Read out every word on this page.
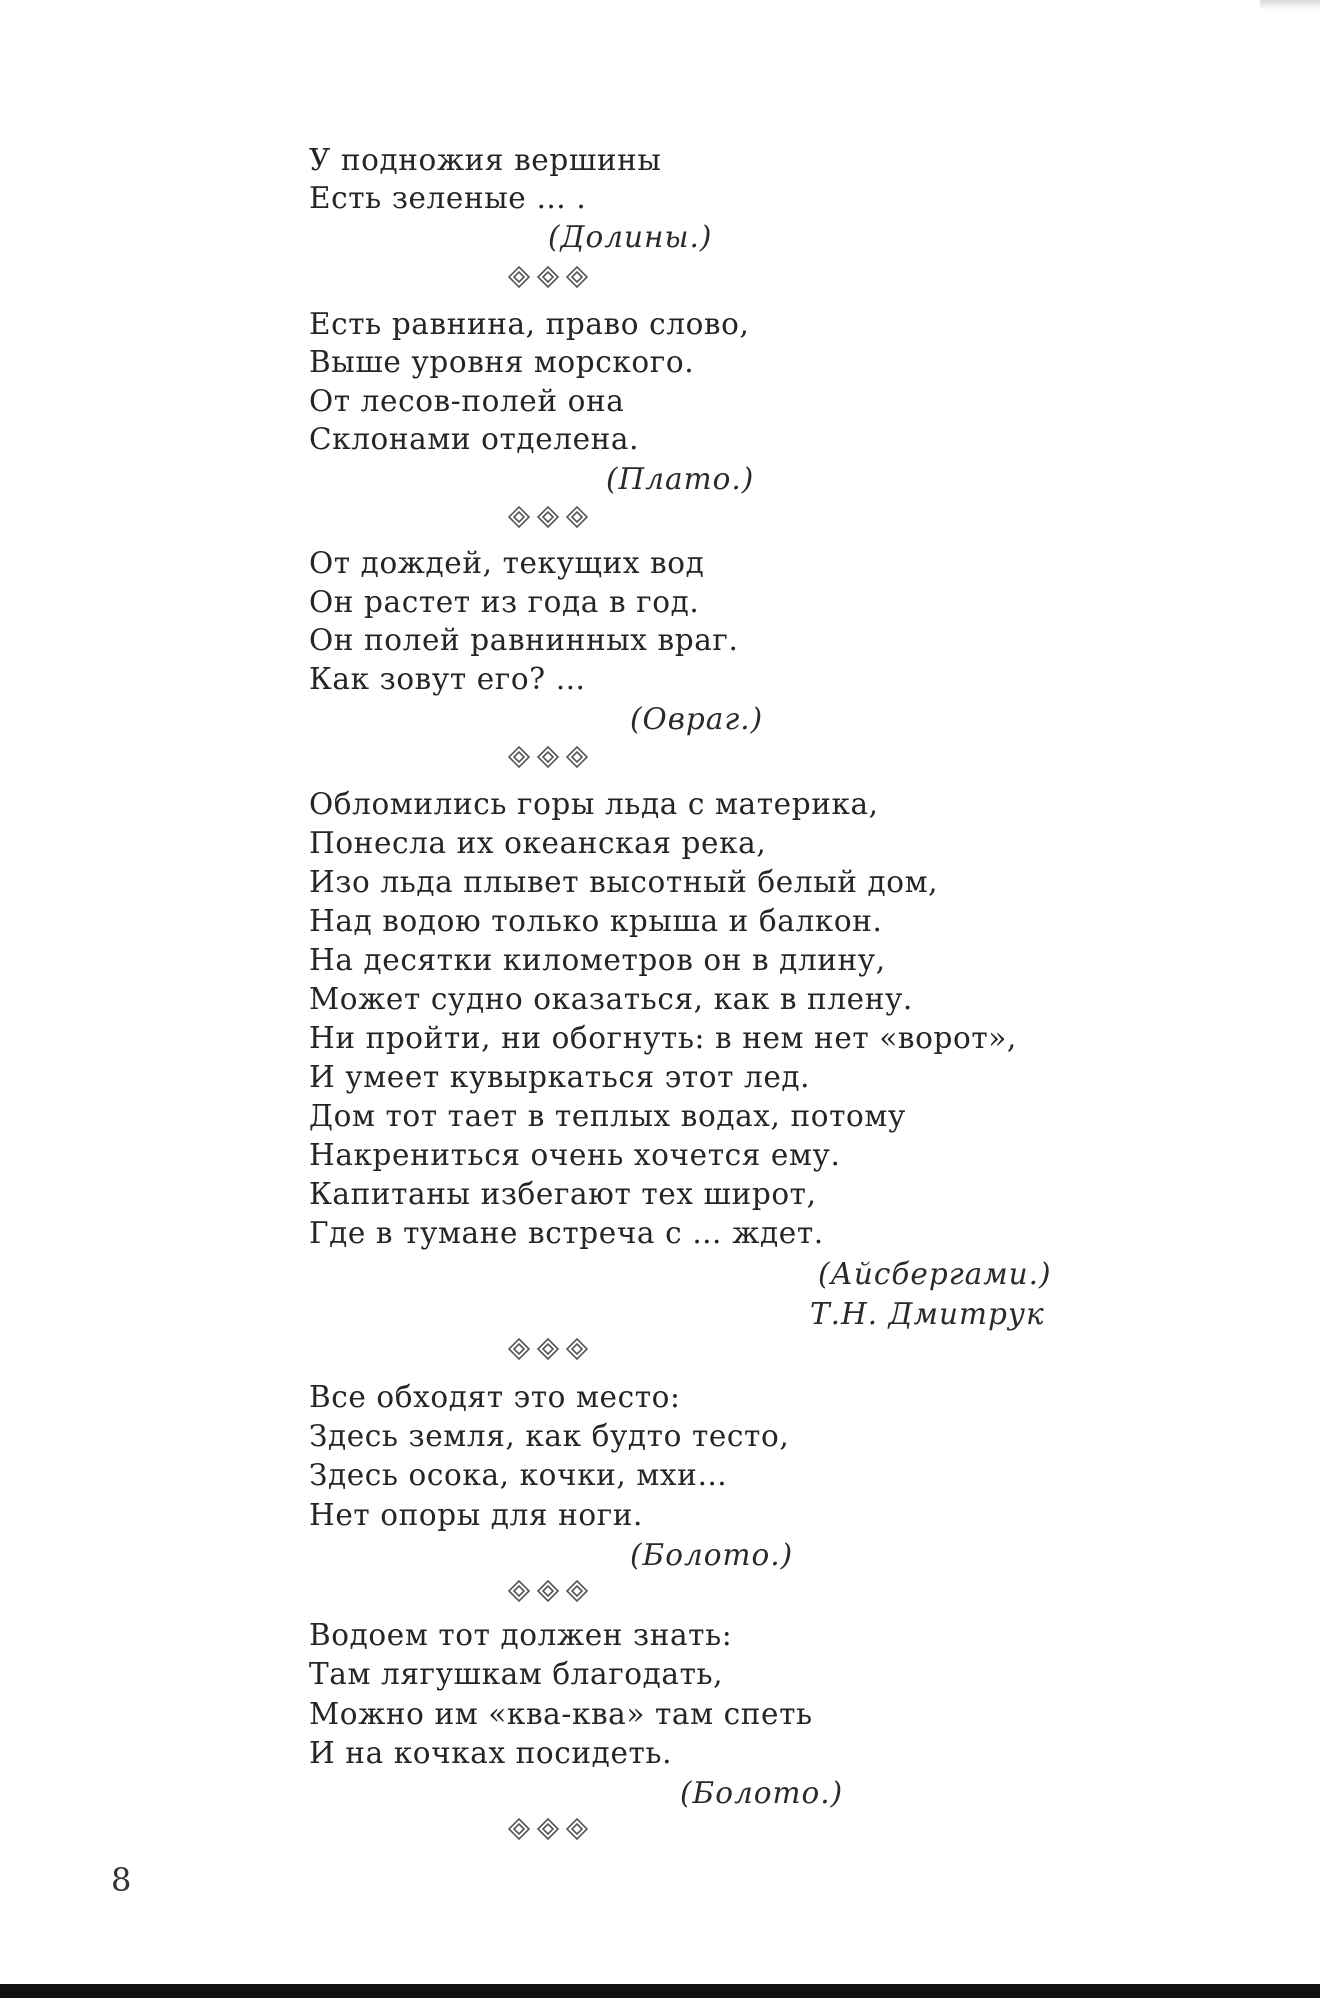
У подножия вершины
Есть зеленые … .
(Долины.)
Есть равнина, право слово,
Выше уровня морского.
От лесов-полей она
Склонами отделена.
(Плато.)
От дождей, текущих вод
Он растет из года в год.
Он полей равнинных враг.
Как зовут его? …
(Овраг.)
Обломились горы льда с материка,
Понесла их океанская река,
Изо льда плывет высотный белый дом,
Над водою только крыша и балкон.
На десятки километров он в длину,
Может судно оказаться, как в плену.
Ни пройти, ни обогнуть: в нем нет «ворот»,
И умеет кувыркаться этот лед.
Дом тот тает в теплых водах, потому
Накрениться очень хочется ему.
Капитаны избегают тех широт,
Где в тумане встреча с … ждет.
(Айсбергами.)
Т.Н. Дмитрук
Все обходят это место:
Здесь земля, как будто тесто,
Здесь осока, кочки, мхи…
Нет опоры для ноги.
(Болото.)
Водоем тот должен знать:
Там лягушкам благодать,
Можно им «ква-ква» там спеть
И на кочках посидеть.
(Болото.)
8
